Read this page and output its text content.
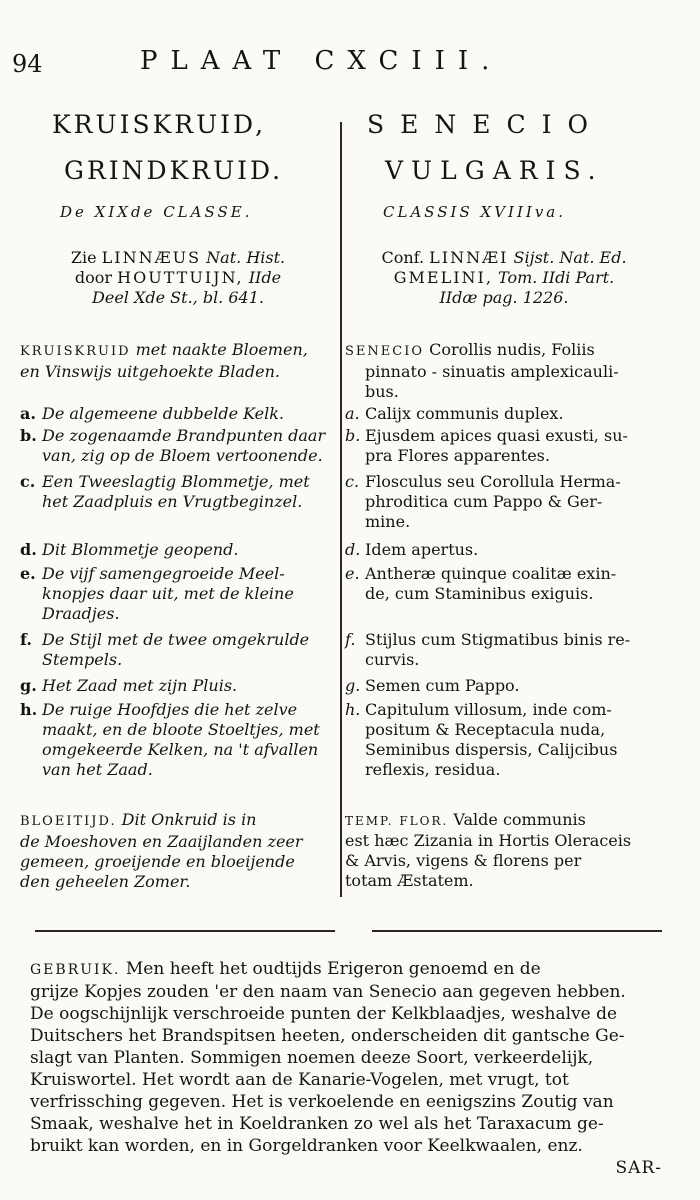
94	PLAAT CXCIII.
KRUISKRUID,
GRINDKRUID.
De XIXde CLASSE.
Zie LINNÆUS Nat. Hist.
door HOUTTUIJN, IIde
Deel Xde St., bl. 641.
KRUISKRUID met naakte Bloemen,
en Vinswijs uitgehoekte Bladen.
a. De algemeene dubbelde Kelk.
b. De zogenaamde Brandpunten daar
van, zig op de Bloem vertoonende.
c. Een Tweeslagtig Blommetje, met
het Zaadpluis en Vrugtbeginzel.
d. Dit Blommetje geopend.
e. De vijf samengegroeide Meel-
knopjes daar uit, met de kleine
Draadjes.
f. De Stijl met de twee omgekrulde
Stempels.
g. Het Zaad met zijn Pluis.
h. De ruige Hoofdjes die het zelve
maakt, en de bloote Stoeltjes, met
omgekeerde Kelken, na 't afvallen
van het Zaad.
BLOEITIJD. Dit Onkruid is in
de Moeshoven en Zaaijlanden zeer
gemeen, groeijende en bloeijende
den geheelen Zomer.
SENECIO
VULGARIS.
CLASSIS XVIIIva.
Conf. LINNÆI Sijst. Nat. Ed.
GMELINI, Tom. IIdi Part.
IIdæ pag. 1226.
SENECIO Corollis nudis, Foliis
pinnato - sinuatis amplexicauli-
bus.
a. Calijx communis duplex.
b. Ejusdem apices quasi exusti, su-
pra Flores apparentes.
c. Flosculus seu Corollula Herma-
phroditica cum Pappo & Ger-
mine.
d. Idem apertus.
e. Antheræ quinque coalitæ exin-
de, cum Staminibus exiguis.
f. Stijlus cum Stigmatibus binis re-
curvis.
g. Semen cum Pappo.
h. Capitulum villosum, inde com-
positum & Receptacula nuda,
Seminibus dispersis, Calijcibus
reflexis, residua.
TEMP. FLOR. Valde communis
est hæc Zizania in Hortis Oleraceis
& Arvis, vigens & florens per
totam Æstatem.
GEBRUIK. Men heeft het oudtijds Erigeron genoemd en de
grijze Kopjes zouden 'er den naam van Senecio aan gegeven hebben.
De oogschijnlijk verschroeide punten der Kelkblaadjes, weshalve de
Duitschers het Brandspitsen heeten, onderscheiden dit gantsche Ge-
slagt van Planten. Sommigen noemen deeze Soort, verkeerdelijk,
Kruiswortel. Het wordt aan de Kanarie-Vogelen, met vrugt, tot
verfrissching gegeven. Het is verkoelende en eenigszins Zoutig van
Smaak, weshalve het in Koeldranken zo wel als het Taraxacum ge-
bruikt kan worden, en in Gorgeldranken voor Keelkwaalen, enz.
SAR-
